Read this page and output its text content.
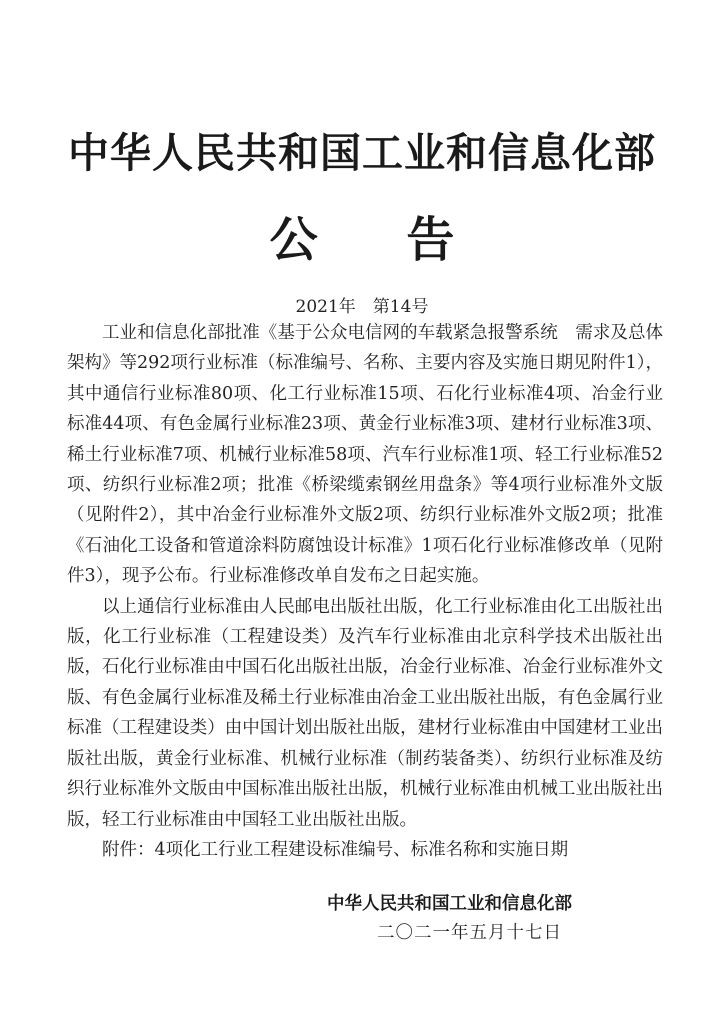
中华人民共和国工业和信息化部
公 告
2021年　第14号

工业和信息化部批准《基于公众电信网的车载紧急报警系统　需求及总体架构》等292项行业标准（标准编号、名称、主要内容及实施日期见附件1），其中通信行业标准80项、化工行业标准15项、石化行业标准4项、冶金行业标准44项、有色金属行业标准23项、黄金行业标准3项、建材行业标准3项、稀土行业标准7项、机械行业标准58项、汽车行业标准1项、轻工行业标准52项、纺织行业标准2项；批准《桥梁缆索钢丝用盘条》等4项行业标准外文版（见附件2），其中冶金行业标准外文版2项、纺织行业标准外文版2项；批准《石油化工设备和管道涂料防腐蚀设计标准》1项石化行业标准修改单（见附件3），现予公布。行业标准修改单自发布之日起实施。

以上通信行业标准由人民邮电出版社出版，化工行业标准由化工出版社出版，化工行业标准（工程建设类）及汽车行业标准由北京科学技术出版社出版，石化行业标准由中国石化出版社出版，冶金行业标准、冶金行业标准外文版、有色金属行业标准及稀土行业标准由冶金工业出版社出版，有色金属行业标准（工程建设类）由中国计划出版社出版，建材行业标准由中国建材工业出版社出版，黄金行业标准、机械行业标准（制药装备类）、纺织行业标准及纺织行业标准外文版由中国标准出版社出版，机械行业标准由机械工业出版社出版，轻工行业标准由中国轻工业出版社出版。

附件：4项化工行业工程建设标准编号、标准名称和实施日期

中华人民共和国工业和信息化部
二〇二一年五月十七日
